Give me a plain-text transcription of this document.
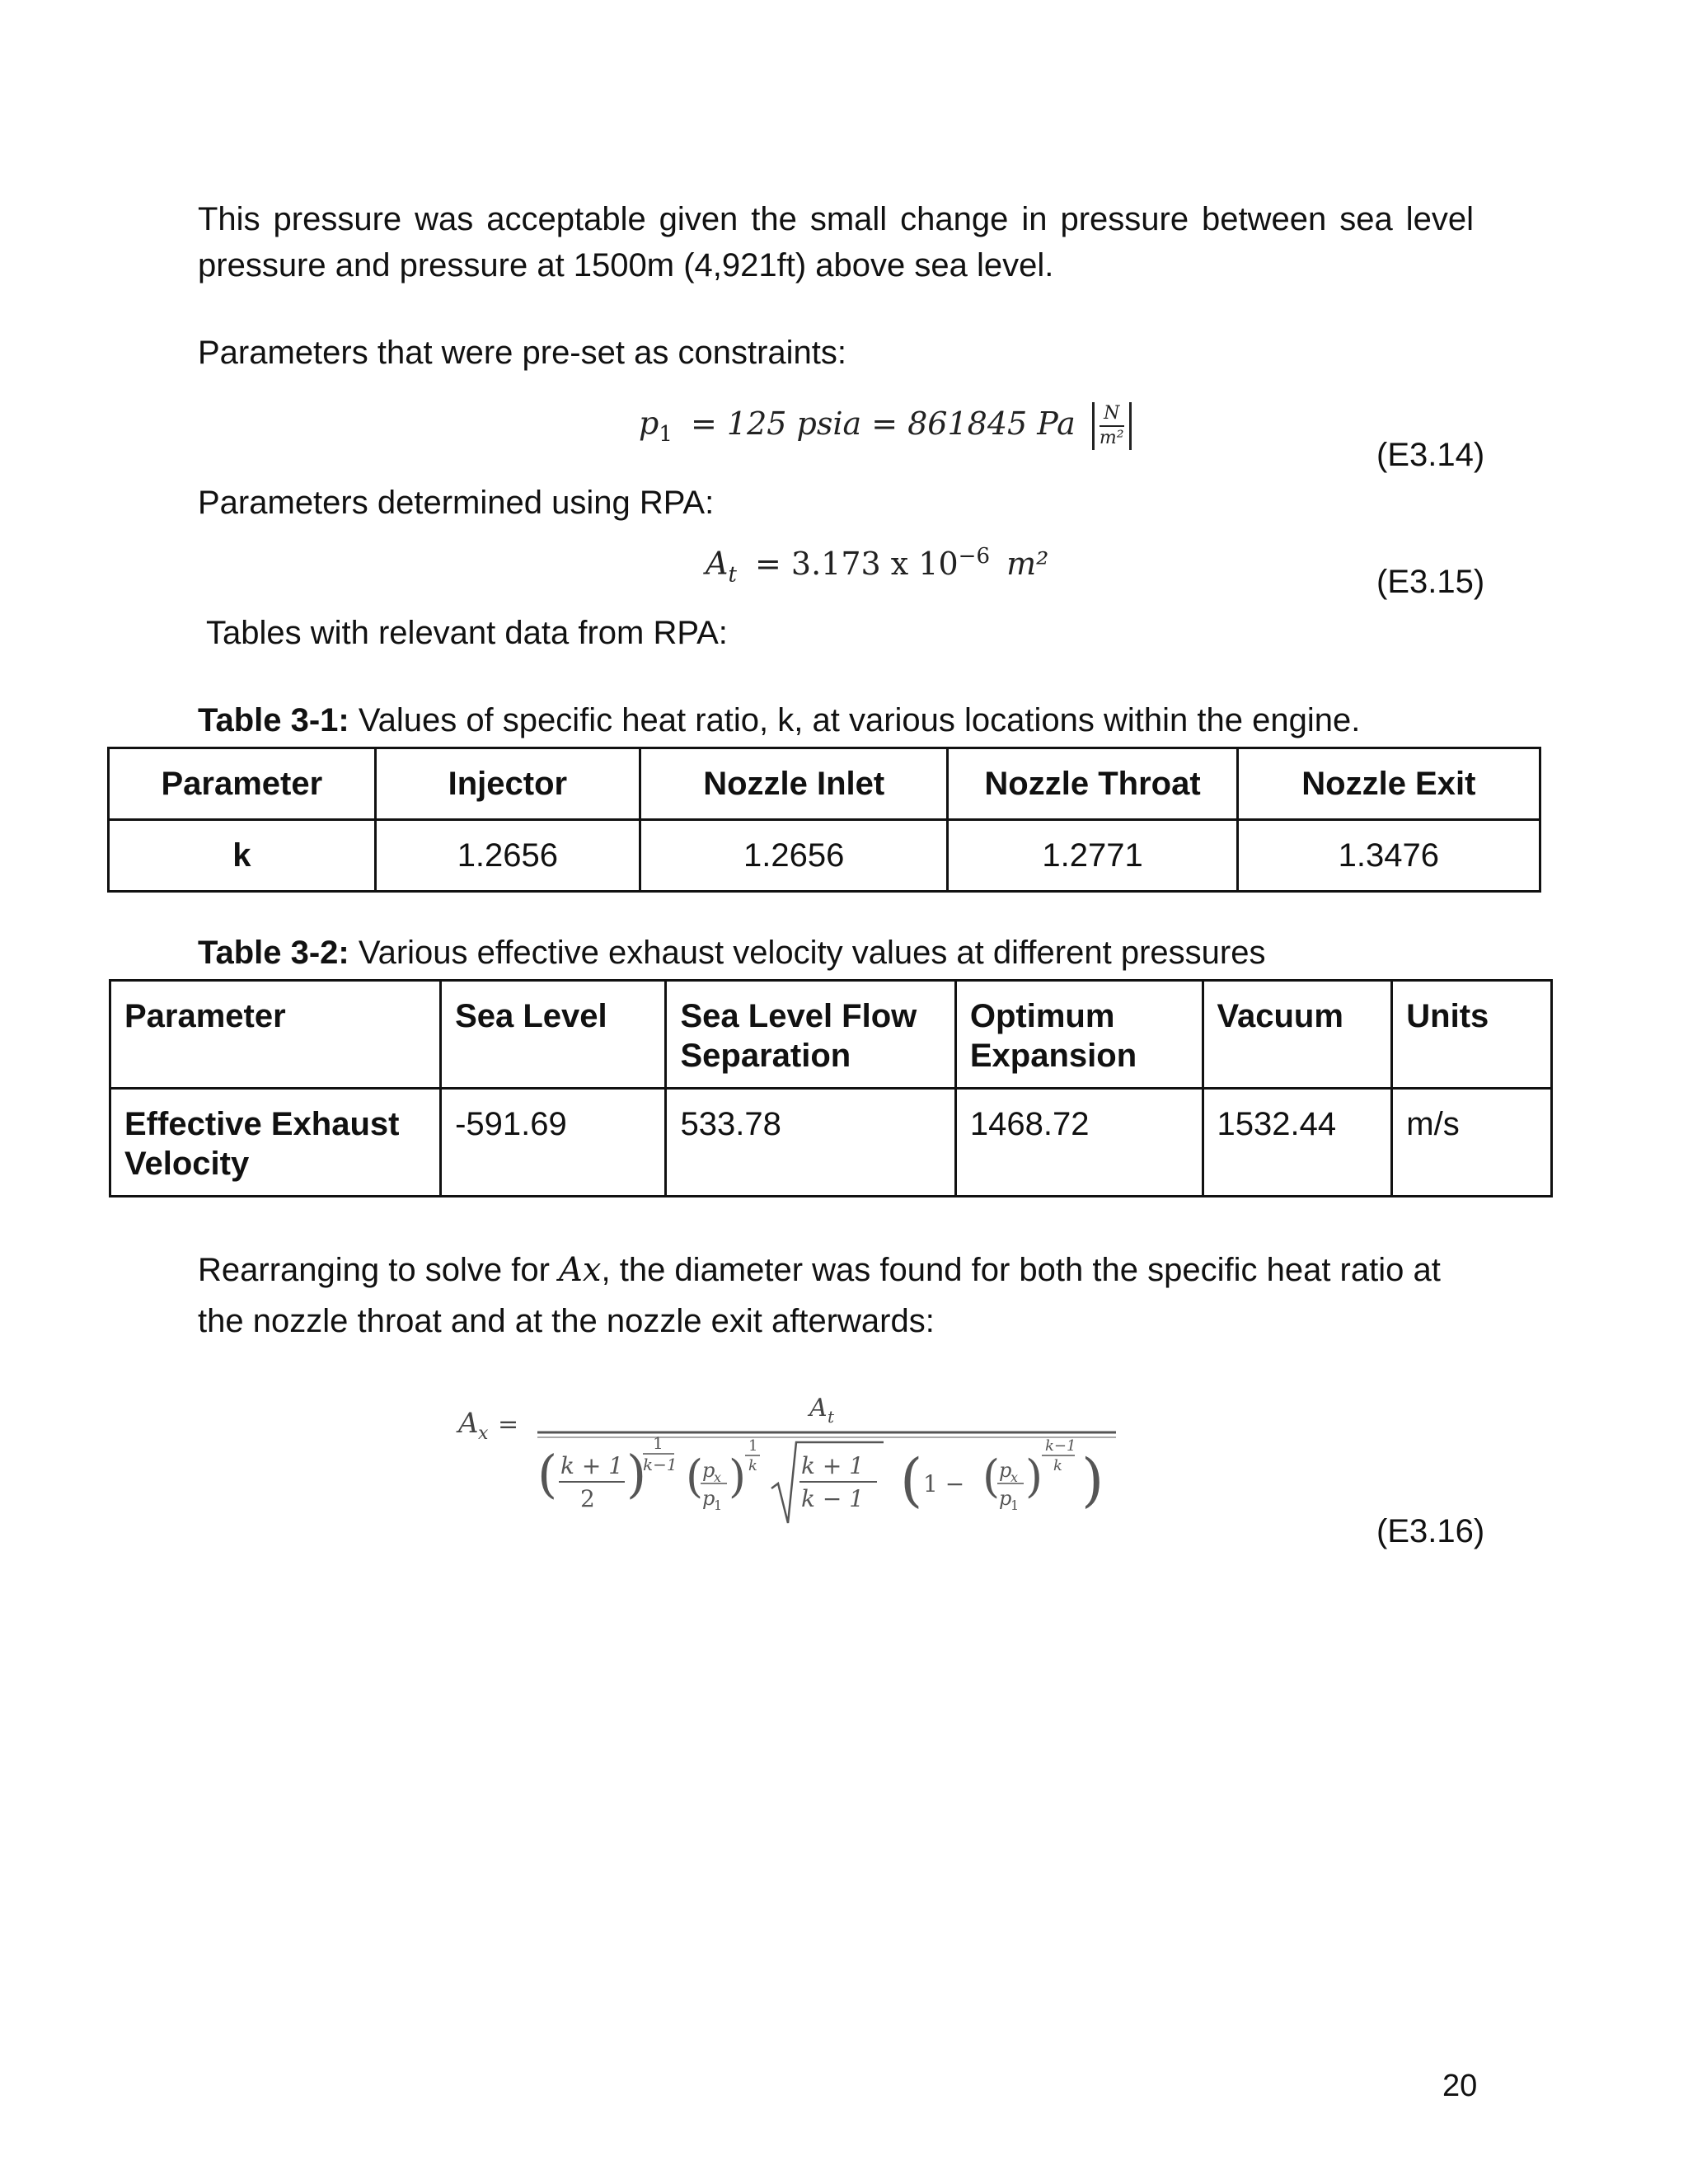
This pressure was acceptable given the small change in pressure between sea level pressure and pressure at 1500m (4,921ft) above sea level.
Parameters that were pre-set as constraints:
$p_1 = 125$ psia = 861845 Pa $\frac{N}{\text{m²}}$
(E3.14)
Parameters determined using RPA:
$A_t = 3.173$ x $10^{-6}$ m²
(E3.15)
Tables with relevant data from RPA:
Table 3-1: Values of specific heat ratio, k, at various locations within the engine.
Parameter	Injector	Nozzle Inlet	Nozzle Throat	Nozzle Exit
k	1.2656	1.2656	1.2771	1.3476
Table 3-2: Various effective exhaust velocity values at different pressures
Parameter	Sea Level	Sea Level Flow Separation	Optimum Expansion	Vacuum	Units
Effective Exhaust Velocity	-591.69	533.78	1468.72	1532.44	m/s
Rearranging to solve for Ax, the diameter was found for both the specific heat ratio at the nozzle throat and at the nozzle exit afterwards:
A x =
A t
( k + 1
2 )
1
k−1 (
p
x
p
1
)
1
k k + 1
k − 1 ( 1 − (
p
x
p
1
)
k−1
k )
(E3.16)
20
